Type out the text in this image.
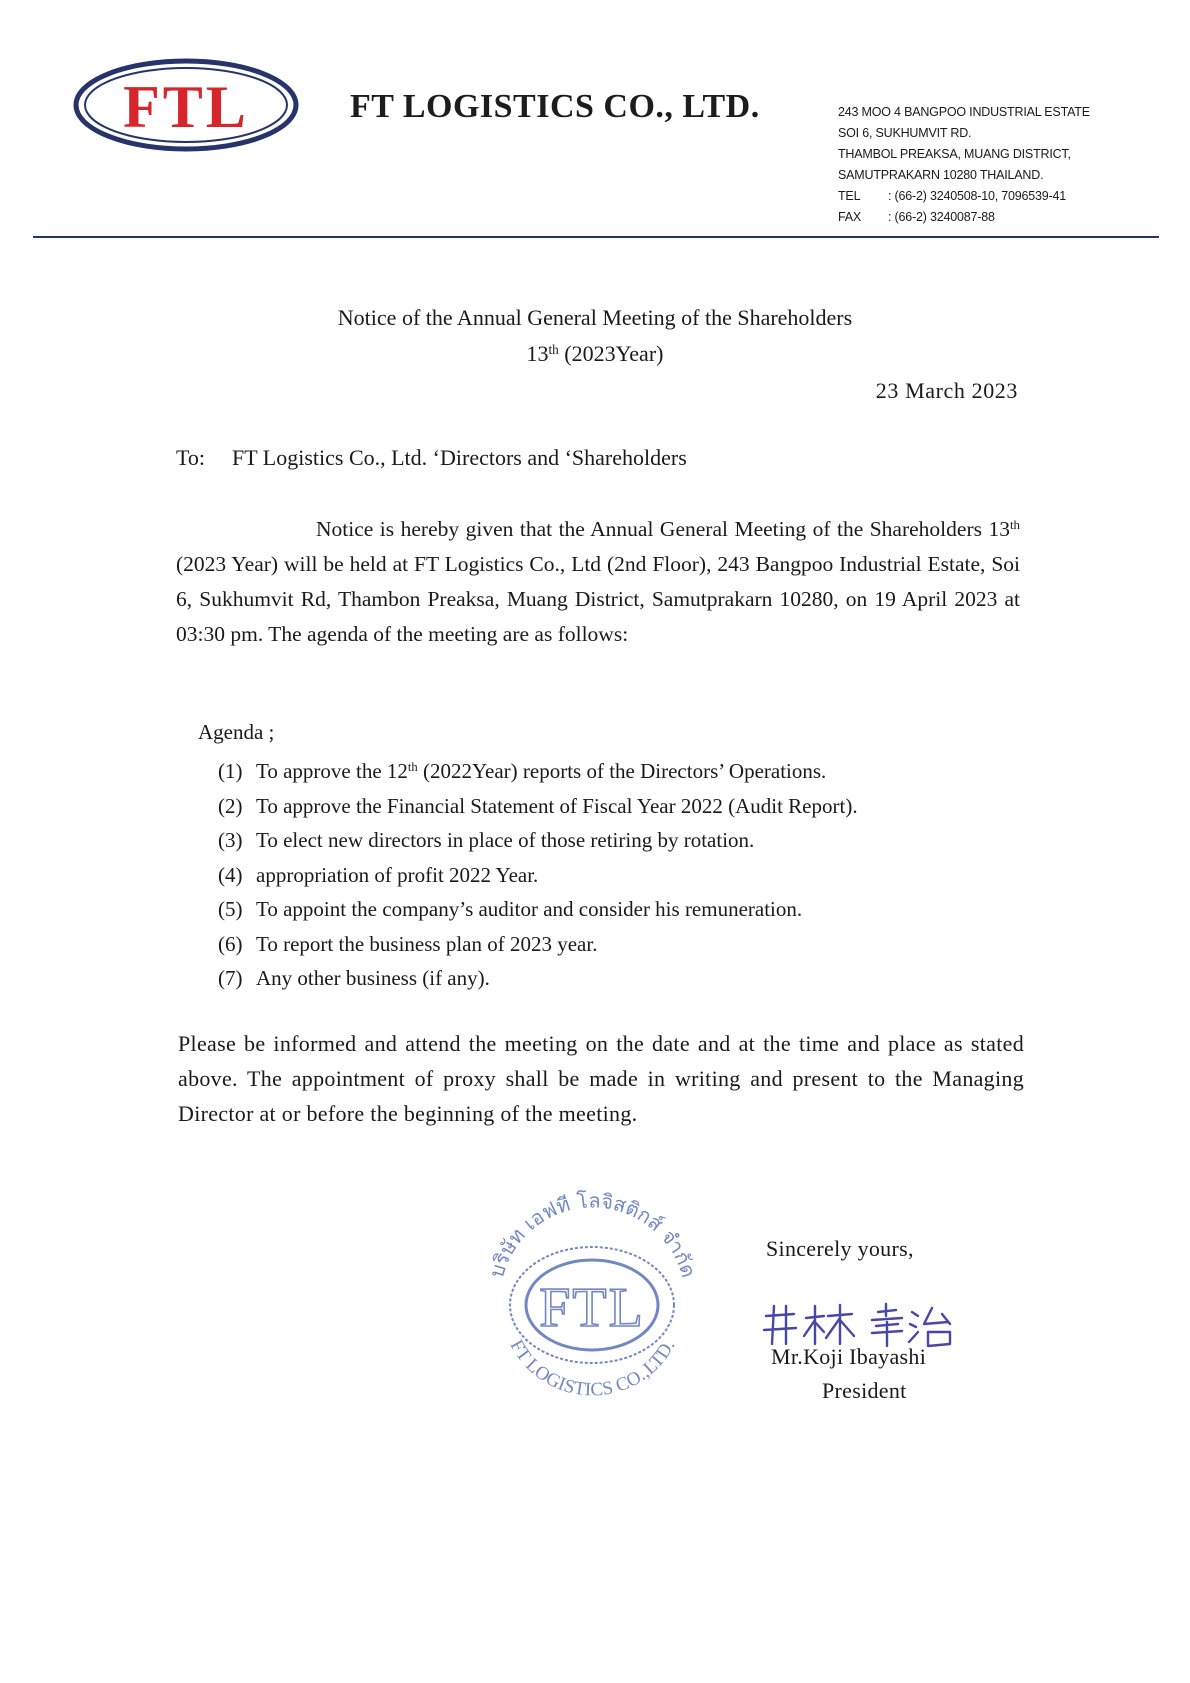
FTL	FT LOGISTICS CO., LTD.	243 MOO 4 BANGPOO INDUSTRIAL ESTATE
SOI 6, SUKHUMVIT RD.
THAMBOL PREAKSA, MUANG DISTRICT,
SAMUTPRAKARN 10280 THAILAND.
TEL : (66-2) 3240508-10, 7096539-41
FAX : (66-2) 3240087-88
Notice of the Annual General Meeting of the Shareholders
13th (2023Year)
23 March 2023
To: FT Logistics Co., Ltd. ‘Directors and ‘Shareholders
Notice is hereby given that the Annual General Meeting of the Shareholders 13th (2023 Year) will be held at FT Logistics Co., Ltd (2nd Floor), 243 Bangpoo Industrial Estate, Soi 6, Sukhumvit Rd, Thambon Preaksa, Muang District, Samutprakarn 10280, on 19 April 2023 at 03:30 pm. The agenda of the meeting are as follows:
Agenda ;
(1) To approve the 12th (2022Year) reports of the Directors’ Operations.
(2) To approve the Financial Statement of Fiscal Year 2022 (Audit Report).
(3) To elect new directors in place of those retiring by rotation.
(4) appropriation of profit 2022 Year.
(5) To appoint the company’s auditor and consider his remuneration.
(6) To report the business plan of 2023 year.
(7) Any other business (if any).
Please be informed and attend the meeting on the date and at the time and place as stated above. The appointment of proxy shall be made in writing and present to the Managing Director at or before the beginning of the meeting.
FTL
บริษัท เอฟที โลจิสติกส์ จำกัด
FT LOGISTICS CO.,LTD.
Sincerely yours,
Mr.Koji Ibayashi
President
